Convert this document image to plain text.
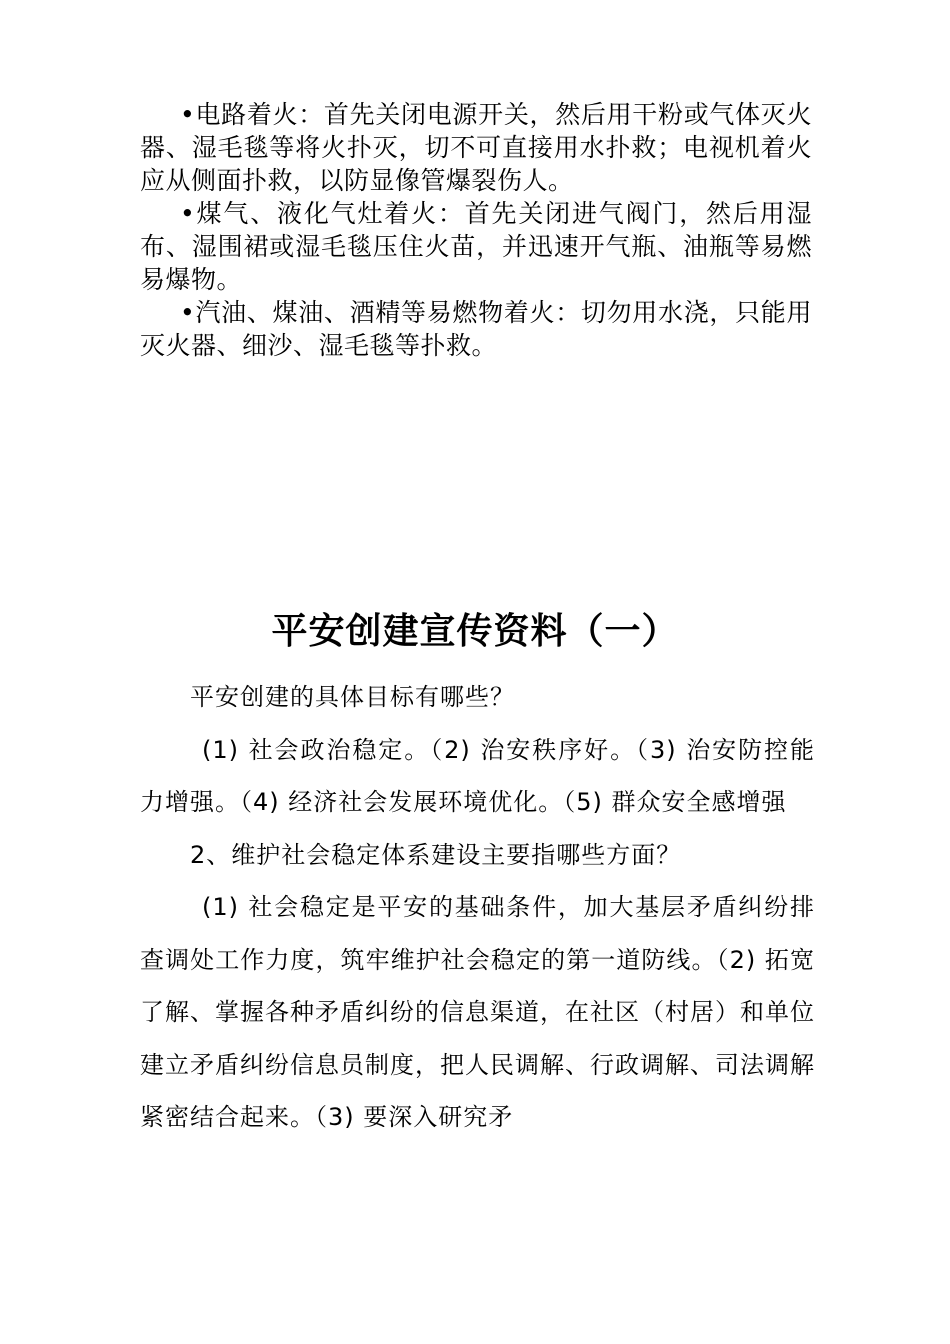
•电路着火：首先关闭电源开关，然后用干粉或气体灭火器、湿毛毯等将火扑灭，切不可直接用水扑救；电视机着火应从侧面扑救，以防显像管爆裂伤人。

•煤气、液化气灶着火：首先关闭进气阀门，然后用湿布、湿围裙或湿毛毯压住火苗，并迅速开气瓶、油瓶等易燃易爆物。

•汽油、煤油、酒精等易燃物着火：切勿用水浇，只能用灭火器、细沙、湿毛毯等扑救。

平安创建宣传资料（一）

平安创建的具体目标有哪些？

(1) 社会政治稳定。（2) 治安秩序好。（3) 治安防控能力增强。（4) 经济社会发展环境优化。（5) 群众安全感增强

2、维护社会稳定体系建设主要指哪些方面？

(1) 社会稳定是平安的基础条件，加大基层矛盾纠纷排查调处工作力度，筑牢维护社会稳定的第一道防线。（2) 拓宽了解、掌握各种矛盾纠纷的信息渠道，在社区（村居）和单位建立矛盾纠纷信息员制度，把人民调解、行政调解、司法调解紧密结合起来。（3) 要深入研究矛
